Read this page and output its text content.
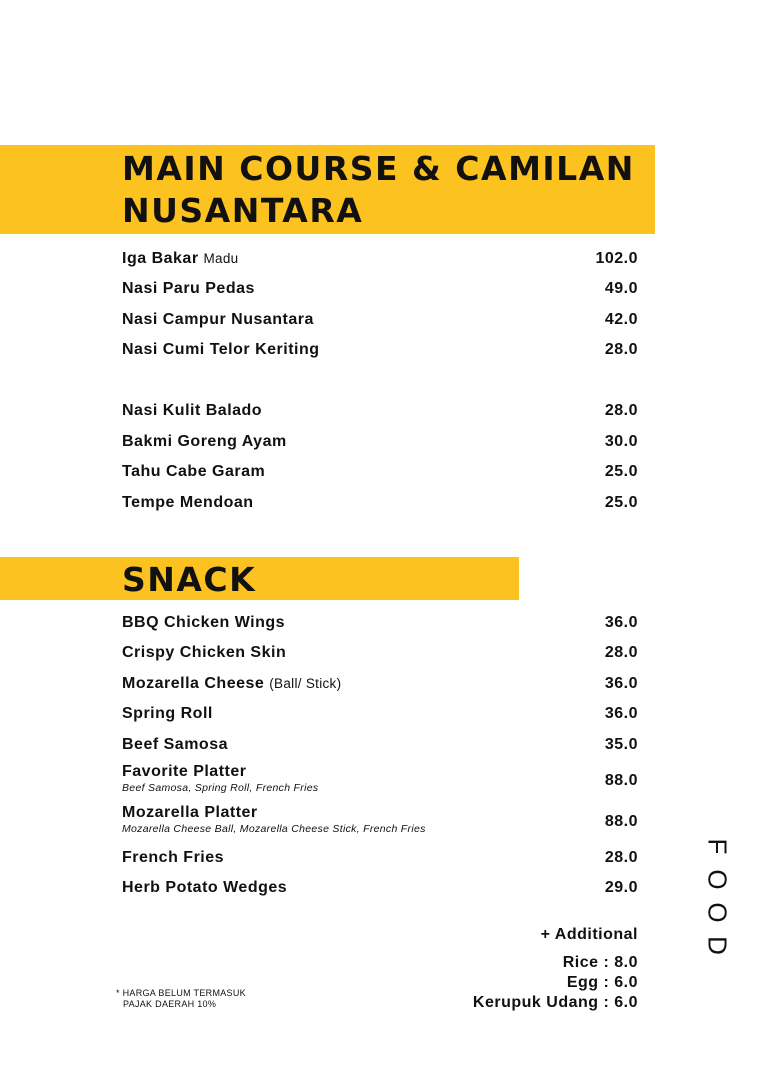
MAIN COURSE & CAMILAN
NUSANTARA
Iga Bakar Madu	102.0
Nasi Paru Pedas	49.0
Nasi Campur Nusantara	42.0
Nasi Cumi Telor Keriting	28.0
Nasi Kulit Balado	28.0
Bakmi Goreng Ayam	30.0
Tahu Cabe Garam	25.0
Tempe Mendoan	25.0
SNACK
BBQ Chicken Wings	36.0
Crispy Chicken Skin	28.0
Mozarella Cheese (Ball/ Stick)	36.0
Spring Roll	36.0
Beef Samosa	35.0
Favorite Platter
Beef Samosa, Spring Roll, French Fries	88.0
Mozarella Platter
Mozarella Cheese Ball, Mozarella Cheese Stick, French Fries	88.0
French Fries	28.0
Herb Potato Wedges	29.0
+ Additional
Rice : 8.0
Egg : 6.0
Kerupuk Udang : 6.0
* HARGA BELUM TERMASUK
PAJAK DAERAH 10%
F
O
O
D
